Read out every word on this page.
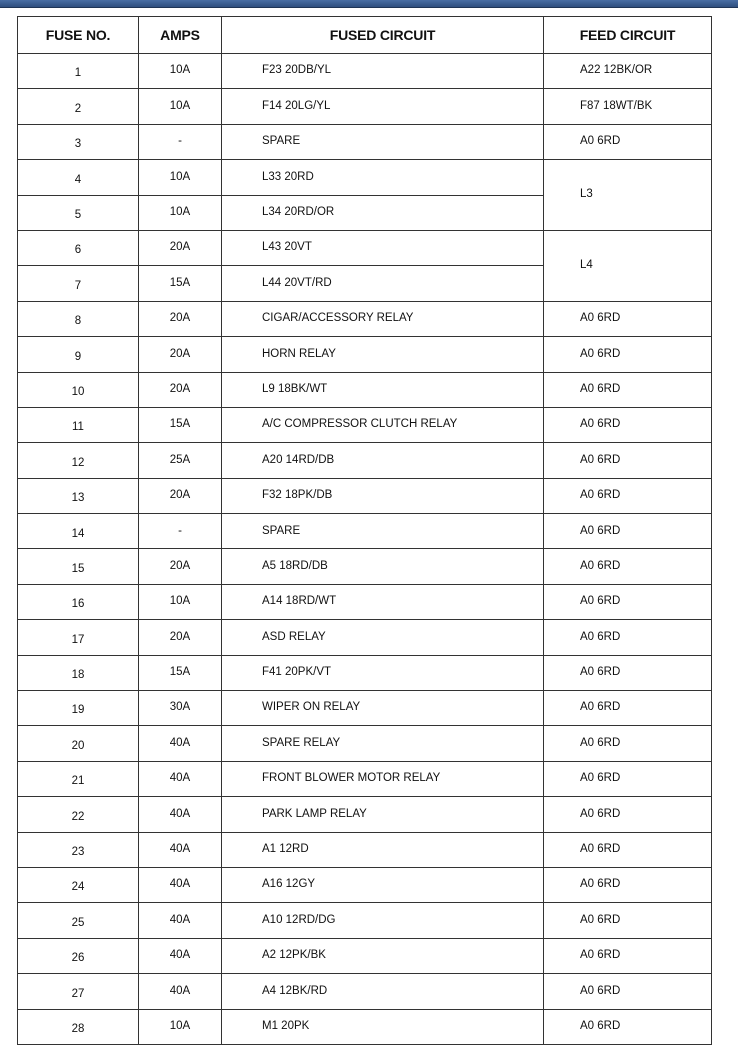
FUSE NO.	AMPS	FUSED CIRCUIT	FEED CIRCUIT
1	10A	F23 20DB/YL	A22 12BK/OR
2	10A	F14 20LG/YL	F87 18WT/BK
3	-	SPARE	A0 6RD
4	10A	L33 20RD	L3
5	10A	L34 20RD/OR	
6	20A	L43 20VT	L4
7	15A	L44 20VT/RD	
8	20A	CIGAR/ACCESSORY RELAY	A0 6RD
9	20A	HORN RELAY	A0 6RD
10	20A	L9 18BK/WT	A0 6RD
11	15A	A/C COMPRESSOR CLUTCH RELAY	A0 6RD
12	25A	A20 14RD/DB	A0 6RD
13	20A	F32 18PK/DB	A0 6RD
14	-	SPARE	A0 6RD
15	20A	A5 18RD/DB	A0 6RD
16	10A	A14 18RD/WT	A0 6RD
17	20A	ASD RELAY	A0 6RD
18	15A	F41 20PK/VT	A0 6RD
19	30A	WIPER ON RELAY	A0 6RD
20	40A	SPARE RELAY	A0 6RD
21	40A	FRONT BLOWER MOTOR RELAY	A0 6RD
22	40A	PARK LAMP RELAY	A0 6RD
23	40A	A1 12RD	A0 6RD
24	40A	A16 12GY	A0 6RD
25	40A	A10 12RD/DG	A0 6RD
26	40A	A2 12PK/BK	A0 6RD
27	40A	A4 12BK/RD	A0 6RD
28	10A	M1 20PK	A0 6RD
